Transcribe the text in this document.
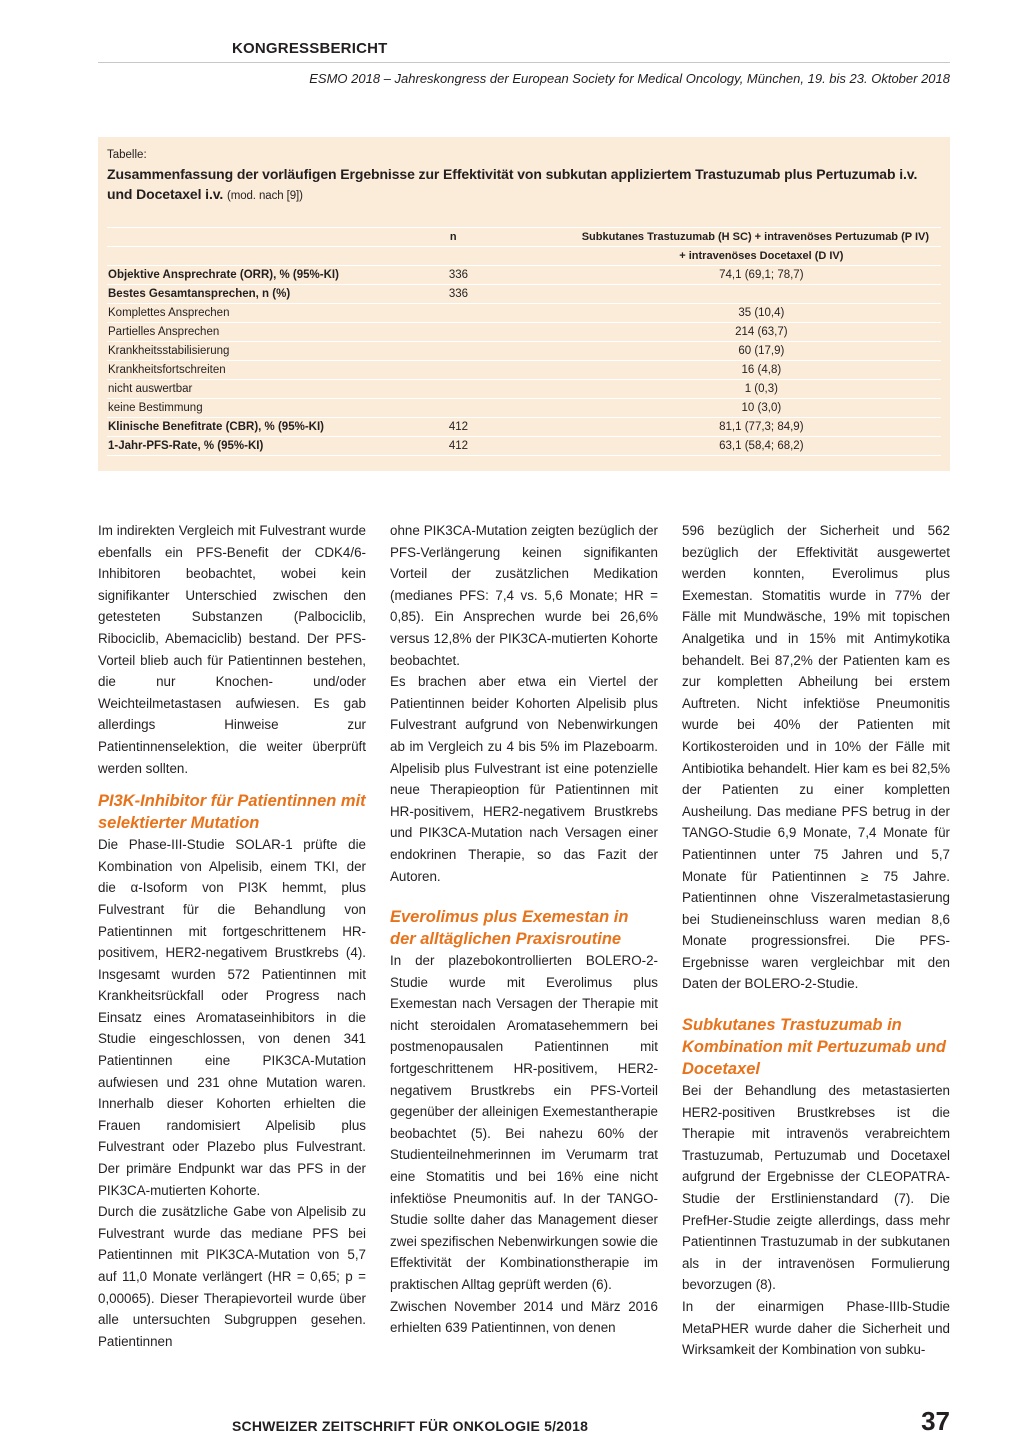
KONGRESSBERICHT
ESMO 2018 – Jahreskongress der European Society for Medical Oncology, München, 19. bis 23. Oktober 2018
Tabelle:
Zusammenfassung der vorläufigen Ergebnisse zur Effektivität von subkutan appliziertem Trastuzumab plus Pertuzumab i.v. und Docetaxel i.v. (mod. nach [9])
	n	Subkutanes Trastuzumab (H SC) + intravenöses Pertuzumab (P IV)
		+ intravenöses Docetaxel (D IV)
Objektive Ansprechrate (ORR), % (95%-KI)	336	74,1 (69,1; 78,7)
Bestes Gesamtansprechen, n (%)	336	
Komplettes Ansprechen		35 (10,4)
Partielles Ansprechen		214 (63,7)
Krankheitsstabilisierung		60 (17,9)
Krankheitsfortschreiten		16 (4,8)
nicht auswertbar		1 (0,3)
keine Bestimmung		10 (3,0)
Klinische Benefitrate (CBR), % (95%-KI)	412	81,1 (77,3; 84,9)
1-Jahr-PFS-Rate, % (95%-KI)	412	63,1 (58,4; 68,2)

Im indirekten Vergleich mit Fulvestrant wurde ebenfalls ein PFS-Benefit der CDK4/6-Inhibitoren beobachtet, wobei kein signifikanter Unterschied zwischen den getesteten Substanzen (Palbociclib, Ribociclib, Abemaciclib) bestand. Der PFS-Vorteil blieb auch für Patientinnen bestehen, die nur Knochen- und/oder Weichteilmetastasen aufwiesen. Es gab allerdings Hinweise zur Patientinnenselektion, die weiter überprüft werden sollten.

PI3K-Inhibitor für Patientinnen mit selektierter Mutation

Die Phase-III-Studie SOLAR-1 prüfte die Kombination von Alpelisib, einem TKI, der die α-Isoform von PI3K hemmt, plus Fulvestrant für die Behandlung von Patientinnen mit fortgeschrittenem HR-positivem, HER2-negativem Brustkrebs (4). Insgesamt wurden 572 Patientinnen mit Krankheitsrückfall oder Progress nach Einsatz eines Aromataseinhibitors in die Studie eingeschlossen, von denen 341 Patientinnen eine PIK3CA-Mutation aufwiesen und 231 ohne Mutation waren. Innerhalb dieser Kohorten erhielten die Frauen randomisiert Alpelisib plus Fulvestrant oder Plazebo plus Fulvestrant. Der primäre Endpunkt war das PFS in der PIK3CA-mutierten Kohorte.

Durch die zusätzliche Gabe von Alpelisib zu Fulvestrant wurde das mediane PFS bei Patientinnen mit PIK3CA-Mutation von 5,7 auf 11,0 Monate verlängert (HR = 0,65; p = 0,00065). Dieser Therapievorteil wurde über alle untersuchten Subgruppen gesehen. Patientinnen

ohne PIK3CA-Mutation zeigten bezüglich der PFS-Verlängerung keinen signifikanten Vorteil der zusätzlichen Medikation (medianes PFS: 7,4 vs. 5,6 Monate; HR = 0,85). Ein Ansprechen wurde bei 26,6% versus 12,8% der PIK3CA-mutierten Kohorte beobachtet.

Es brachen aber etwa ein Viertel der Patientinnen beider Kohorten Alpelisib plus Fulvestrant aufgrund von Nebenwirkungen ab im Vergleich zu 4 bis 5% im Plazeboarm. Alpelisib plus Fulvestrant ist eine potenzielle neue Therapieoption für Patientinnen mit HR-positivem, HER2-negativem Brustkrebs und PIK3CA-Mutation nach Versagen einer endokrinen Therapie, so das Fazit der Autoren.

Everolimus plus Exemestan in der alltäglichen Praxisroutine

In der plazebokontrollierten BOLERO-2-Studie wurde mit Everolimus plus Exemestan nach Versagen der Therapie mit nicht steroidalen Aromatasehemmern bei postmenopausalen Patientinnen mit fortgeschrittenem HR-positivem, HER2-negativem Brustkrebs ein PFS-Vorteil gegenüber der alleinigen Exemestantherapie beobachtet (5). Bei nahezu 60% der Studienteilnehmerinnen im Verumarm trat eine Stomatitis und bei 16% eine nicht infektiöse Pneumonitis auf. In der TANGO-Studie sollte daher das Management dieser zwei spezifischen Nebenwirkungen sowie die Effektivität der Kombinationstherapie im praktischen Alltag geprüft werden (6).

Zwischen November 2014 und März 2016 erhielten 639 Patientinnen, von denen

596 bezüglich der Sicherheit und 562 bezüglich der Effektivität ausgewertet werden konnten, Everolimus plus Exemestan. Stomatitis wurde in 77% der Fälle mit Mundwäsche, 19% mit topischen Analgetika und in 15% mit Antimykotika behandelt. Bei 87,2% der Patienten kam es zur kompletten Abheilung bei erstem Auftreten. Nicht infektiöse Pneumonitis wurde bei 40% der Patienten mit Kortikosteroiden und in 10% der Fälle mit Antibiotika behandelt. Hier kam es bei 82,5% der Patienten zu einer kompletten Ausheilung. Das mediane PFS betrug in der TANGO-Studie 6,9 Monate, 7,4 Monate für Patientinnen unter 75 Jahren und 5,7 Monate für Patientinnen ≥ 75 Jahre. Patientinnen ohne Viszeralmetastasierung bei Studieneinschluss waren median 8,6 Monate progressionsfrei. Die PFS-Ergebnisse waren vergleichbar mit den Daten der BOLERO-2-Studie.

Subkutanes Trastuzumab in Kombination mit Pertuzumab und Docetaxel

Bei der Behandlung des metastasierten HER2-positiven Brustkrebses ist die Therapie mit intravenös verabreichtem Trastuzumab, Pertuzumab und Docetaxel aufgrund der Ergebnisse der CLEOPATRA-Studie der Erstlinienstandard (7). Die PrefHer-Studie zeigte allerdings, dass mehr Patientinnen Trastuzumab in der subkutanen als in der intravenösen Formulierung bevorzugen (8).

In der einarmigen Phase-IIIb-Studie MetaPHER wurde daher die Sicherheit und Wirksamkeit der Kombination von subku-

SCHWEIZER ZEITSCHRIFT FÜR ONKOLOGIE 5/2018	37
